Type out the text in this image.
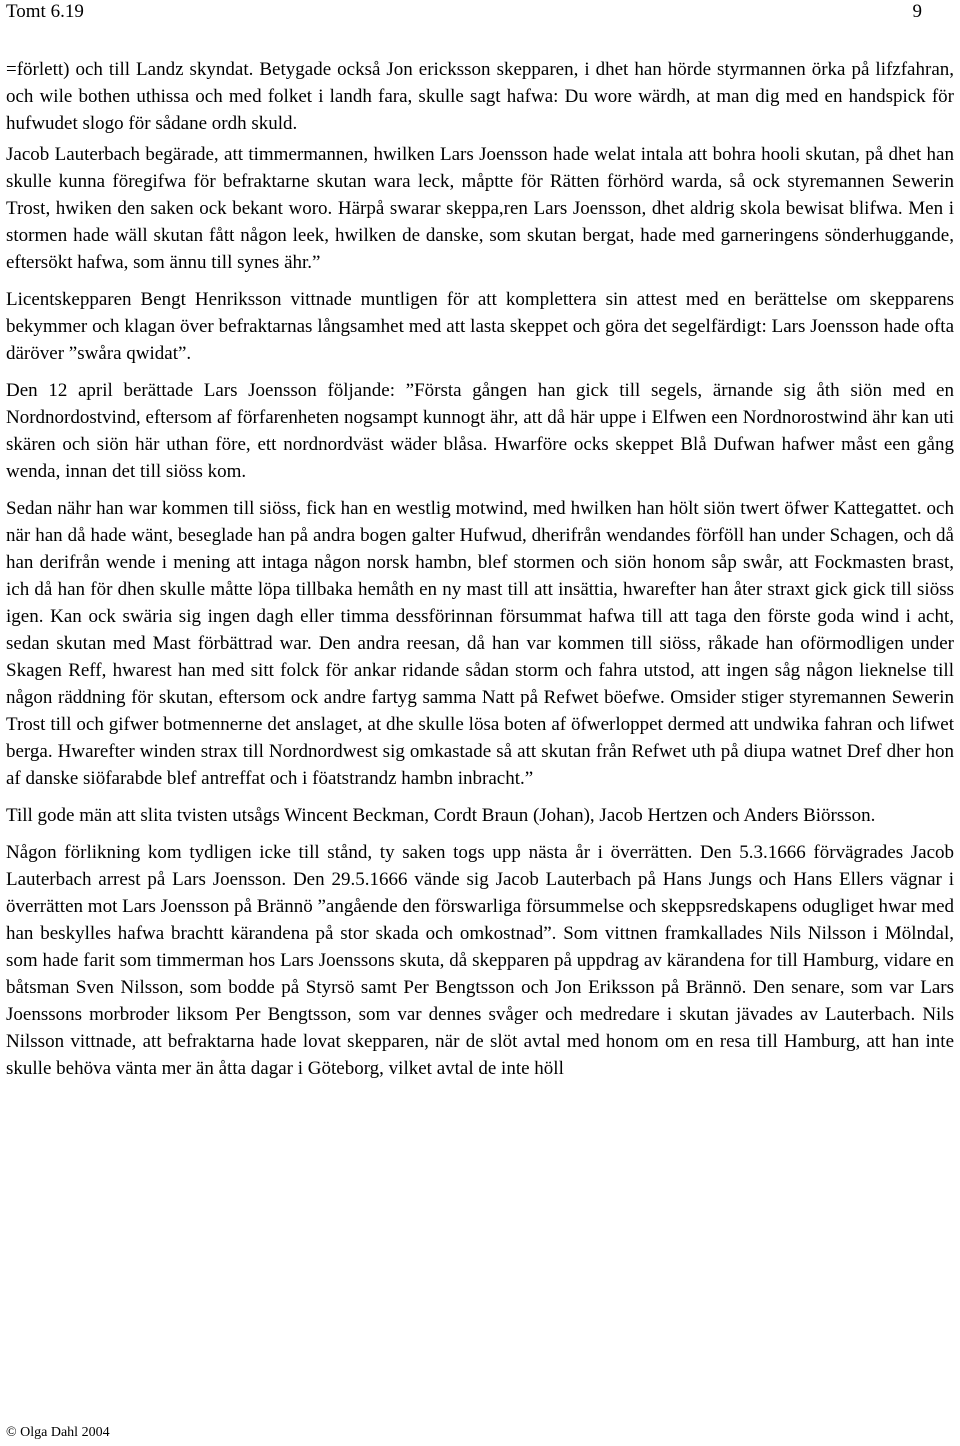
Tomt 6.19	9

=förlett) och till Landz skyndat. Betygade också Jon ericksson skepparen, i dhet han hörde styrmannen örka på lifzfahran, och wile bothen uthissa och med folket i landh fara, skulle sagt hafwa: Du wore wärdh, at man dig med en handspick för hufwudet slogo för sådane ordh skuld.

Jacob Lauterbach begärade, att timmermannen, hwilken Lars Joensson hade welat intala att bohra hooli skutan, på dhet han skulle kunna föregifwa för befraktarne skutan wara leck, måptte för Rätten förhörd warda, så ock styremannen Sewerin Trost, hwiken den saken ock bekant woro. Härpå swarar skeppa,ren Lars Joensson, dhet aldrig skola bewisat blifwa. Men i stormen hade wäll skutan fått någon leek, hwilken de danske, som skutan bergat, hade med garneringens sönderhuggande, eftersökt hafwa, som ännu till synes ähr.”

Licentskepparen Bengt Henriksson vittnade muntligen för att komplettera sin attest med en berättelse om skepparens bekymmer och klagan över befraktarnas långsamhet med att lasta skeppet och göra det segelfärdigt: Lars Joensson hade ofta däröver ”swåra qwidat”.

Den 12 april berättade Lars Joensson följande: ”Första gången han gick till segels, ärnande sig åth siön med en Nordnordostvind, eftersom af förfarenheten nogsampt kunnogt ähr, att då här uppe i Elfwen een Nordnorostwind ähr kan uti skären och siön här uthan före, ett nordnordväst wäder blåsa. Hwarföre ocks skeppet Blå Dufwan hafwer måst een gång wenda, innan det till siöss kom.

Sedan nähr han war kommen till siöss, fick han en westlig motwind, med hwilken han hölt siön twert öfwer Kattegattet. och när han då hade wänt, beseglade han på andra bogen galter Hufwud, dherifrån wendandes förföll han under Schagen, och då han derifrån wende i mening att intaga någon norsk hambn, blef stormen och siön honom såp swår, att Fockmasten brast, ich då han för dhen skulle måtte löpa tillbaka hemåth en ny mast till att insättia, hwarefter han åter straxt gick gick till siöss igen. Kan ock swäria sig ingen dagh eller timma dessförinnan försummat hafwa till att taga den förste goda wind i acht, sedan skutan med Mast förbättrad war. Den andra reesan, då han var kommen till siöss, råkade han oförmodligen under Skagen Reff, hwarest han med sitt folck för ankar ridande sådan storm och fahra utstod, att ingen såg någon lieknelse till någon räddning för skutan, eftersom ock andre fartyg samma Natt på Refwet böefwe. Omsider stiger styremannen Sewerin Trost till och gifwer botmennerne det anslaget, at dhe skulle lösa boten af öfwerloppet dermed att undwika fahran och lifwet berga. Hwarefter winden strax till Nordnordwest sig omkastade så att skutan från Refwet uth på diupa watnet Dref dher hon af danske siöfarabde blef antreffat och i föatstrandz hambn inbracht.”

Till gode män att slita tvisten utsågs Wincent Beckman, Cordt Braun (Johan), Jacob Hertzen och Anders Biörsson.

Någon förlikning kom tydligen icke till stånd, ty saken togs upp nästa år i överrätten. Den 5.3.1666 förvägrades Jacob Lauterbach arrest på Lars Joensson. Den 29.5.1666 vände sig Jacob Lauterbach på Hans Jungs och Hans Ellers vägnar i överrätten mot Lars Joensson på Brännö ”angående den förswarliga försummelse och skeppsredskapens odugliget hwar med han beskylles hafwa brachtt kärandena på stor skada och omkostnad”. Som vittnen framkallades Nils Nilsson i Mölndal, som hade farit som timmerman hos Lars Joenssons skuta, då skepparen på uppdrag av kärandena for till Hamburg, vidare en båtsman Sven Nilsson, som bodde på Styrsö samt Per Bengtsson och Jon Eriksson på Brännö. Den senare, som var Lars Joenssons morbroder liksom Per Bengtsson, som var dennes svåger och medredare i skutan jävades av Lauterbach. Nils Nilsson vittnade, att befraktarna hade lovat skepparen, när de slöt avtal med honom om en resa till Hamburg, att han inte skulle behöva vänta mer än åtta dagar i Göteborg, vilket avtal de inte höll

© Olga Dahl 2004
